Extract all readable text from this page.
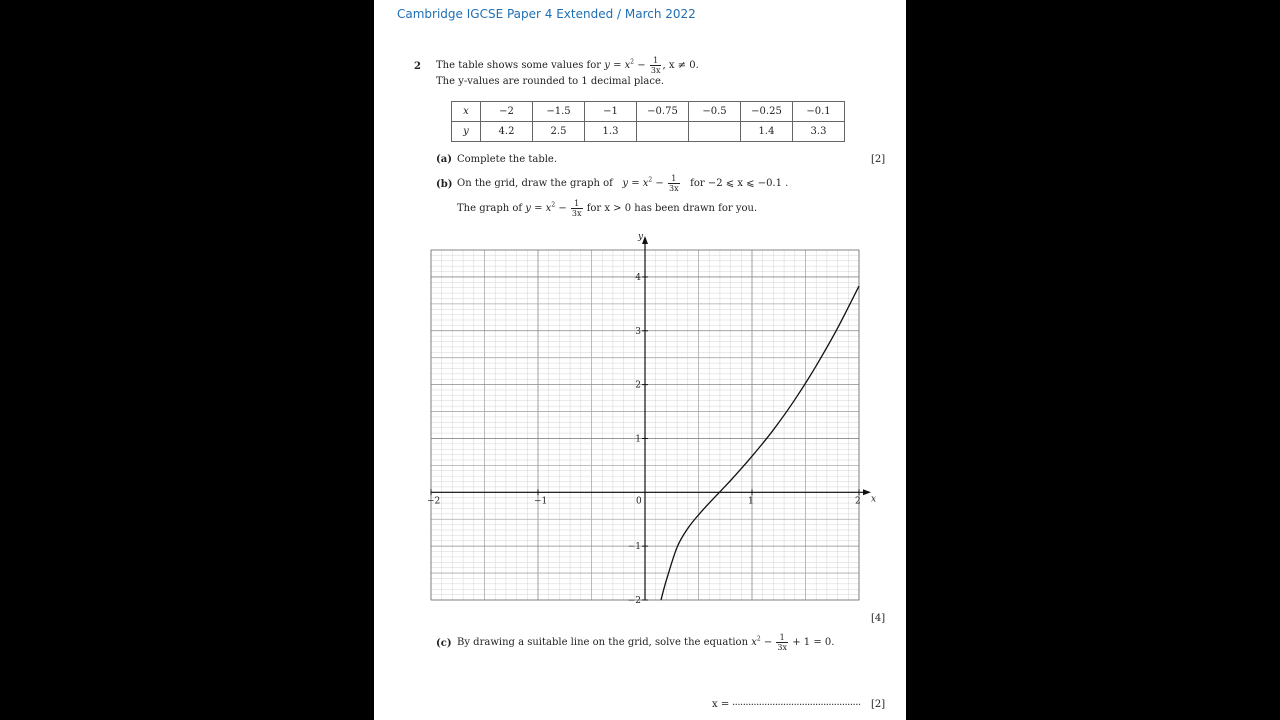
Cambridge IGCSE Paper 4 Extended / March 2022
2 The table shows some values for $y = x^2 - \frac{1}{3x}$ , x ≠ 0.
The y-values are rounded to 1 decimal place.
x	−2	−1.5	−1	−0.75	−0.5	−0.25	−0.1
y	4.2	2.5	1.3			1.4	3.3
(a) Complete the table.	[2]
(b) On the grid, draw the graph of $y = x^2 - \frac{1}{3x}$ for −2 ⩽ x ⩽ −0.1 .
The graph of $y = x^2 - \frac{1}{3x}$ for x > 0 has been drawn for you.
x
y
−2	−1	0	1	2
−2
−1
1
2
3
4
[4]
(c) By drawing a suitable line on the grid, solve the equation $x^2 - \frac{1}{3x} + 1 = 0$.
x = ................................................ [2]
